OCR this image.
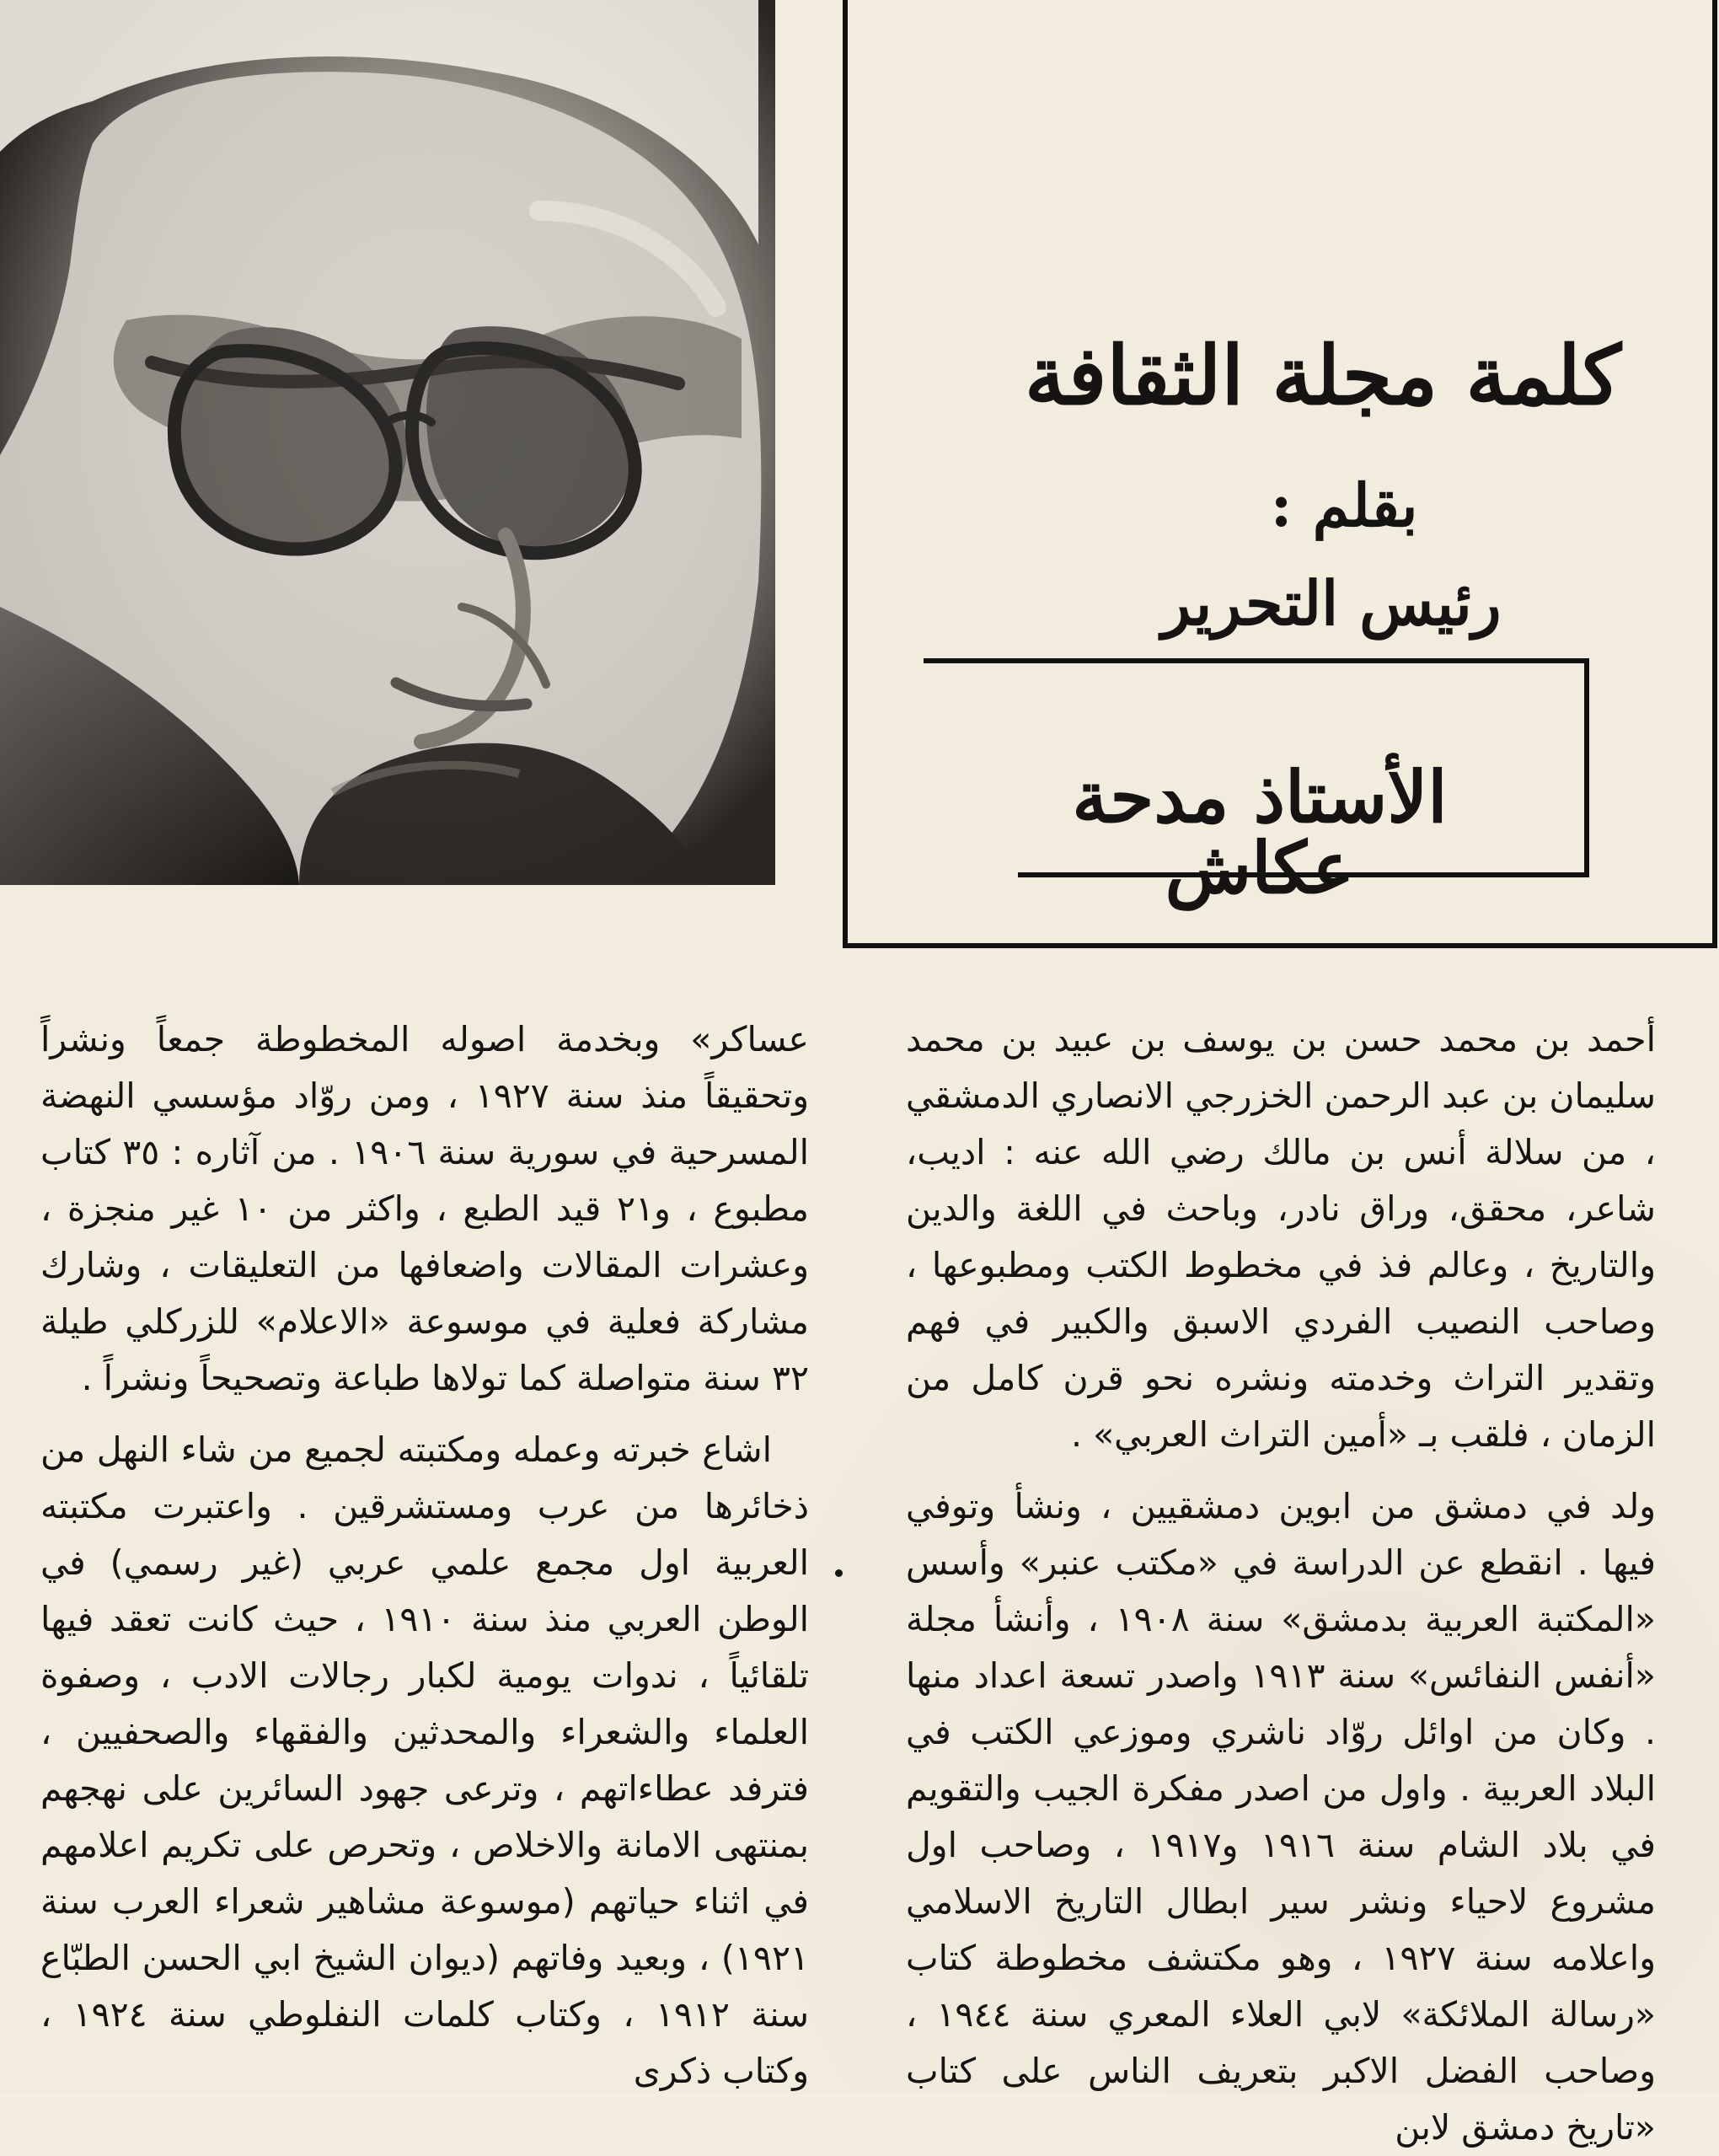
كلمة مجلة الثقافة
بقلم :
رئيس التحرير
الأستاذ مدحة عكاش

أحمد بن محمد حسن بن يوسف بن عبيد بن محمد سليمان بن عبد الرحمن الخزرجي الانصاري الدمشقي ، من سلالة أنس بن مالك رضي الله عنه : اديب، شاعر، محقق، وراق نادر، وباحث في اللغة والدين والتاريخ ، وعالم فذ في مخطوط الكتب ومطبوعها ، وصاحب النصيب الفردي الاسبق والكبير في فهم وتقدير التراث وخدمته ونشره نحو قرن كامل من الزمان ، فلقب بـ «أمين التراث العربي» .

ولد في دمشق من ابوين دمشقيين ، ونشأ وتوفي فيها . انقطع عن الدراسة في «مكتب عنبر» وأسس «المكتبة العربية بدمشق» سنة ١٩٠٨ ، وأنشأ مجلة «أنفس النفائس» سنة ١٩١٣ واصدر تسعة اعداد منها . وكان من اوائل روّاد ناشري وموزعي الكتب في البلاد العربية . واول من اصدر مفكرة الجيب والتقويم في بلاد الشام سنة ١٩١٦ و١٩١٧ ، وصاحب اول مشروع لاحياء ونشر سير ابطال التاريخ الاسلامي واعلامه سنة ١٩٢٧ ، وهو مكتشف مخطوطة كتاب «رسالة الملائكة» لابي العلاء المعري سنة ١٩٤٤ ، وصاحب الفضل الاكبر بتعريف الناس على كتاب «تاريخ دمشق لابن

عساكر» وبخدمة اصوله المخطوطة جمعاً ونشراً وتحقيقاً منذ سنة ١٩٢٧ ، ومن روّاد مؤسسي النهضة المسرحية في سورية سنة ١٩٠٦ . من آثاره : ٣٥ كتاب مطبوع ، و٢١ قيد الطبع ، واكثر من ١٠ غير منجزة ، وعشرات المقالات واضعافها من التعليقات ، وشارك مشاركة فعلية في موسوعة «الاعلام» للزركلي طيلة ٣٢ سنة متواصلة كما تولاها طباعة وتصحيحاً ونشراً .

اشاع خبرته وعمله ومكتبته لجميع من شاء النهل من ذخائرها من عرب ومستشرقين . واعتبرت مكتبته العربية اول مجمع علمي عربي (غير رسمي) في الوطن العربي منذ سنة ١٩١٠ ، حيث كانت تعقد فيها تلقائياً ، ندوات يومية لكبار رجالات الادب ، وصفوة العلماء والشعراء والمحدثين والفقهاء والصحفيين ، فترفد عطاءاتهم ، وترعى جهود السائرين على نهجهم بمنتهى الامانة والاخلاص ، وتحرص على تكريم اعلامهم في اثناء حياتهم (موسوعة مشاهير شعراء العرب سنة ١٩٢١) ، وبعيد وفاتهم (ديوان الشيخ ابي الحسن الطبّاع سنة ١٩١٢ ، وكتاب كلمات النفلوطي سنة ١٩٢٤ ، وكتاب ذكرى
